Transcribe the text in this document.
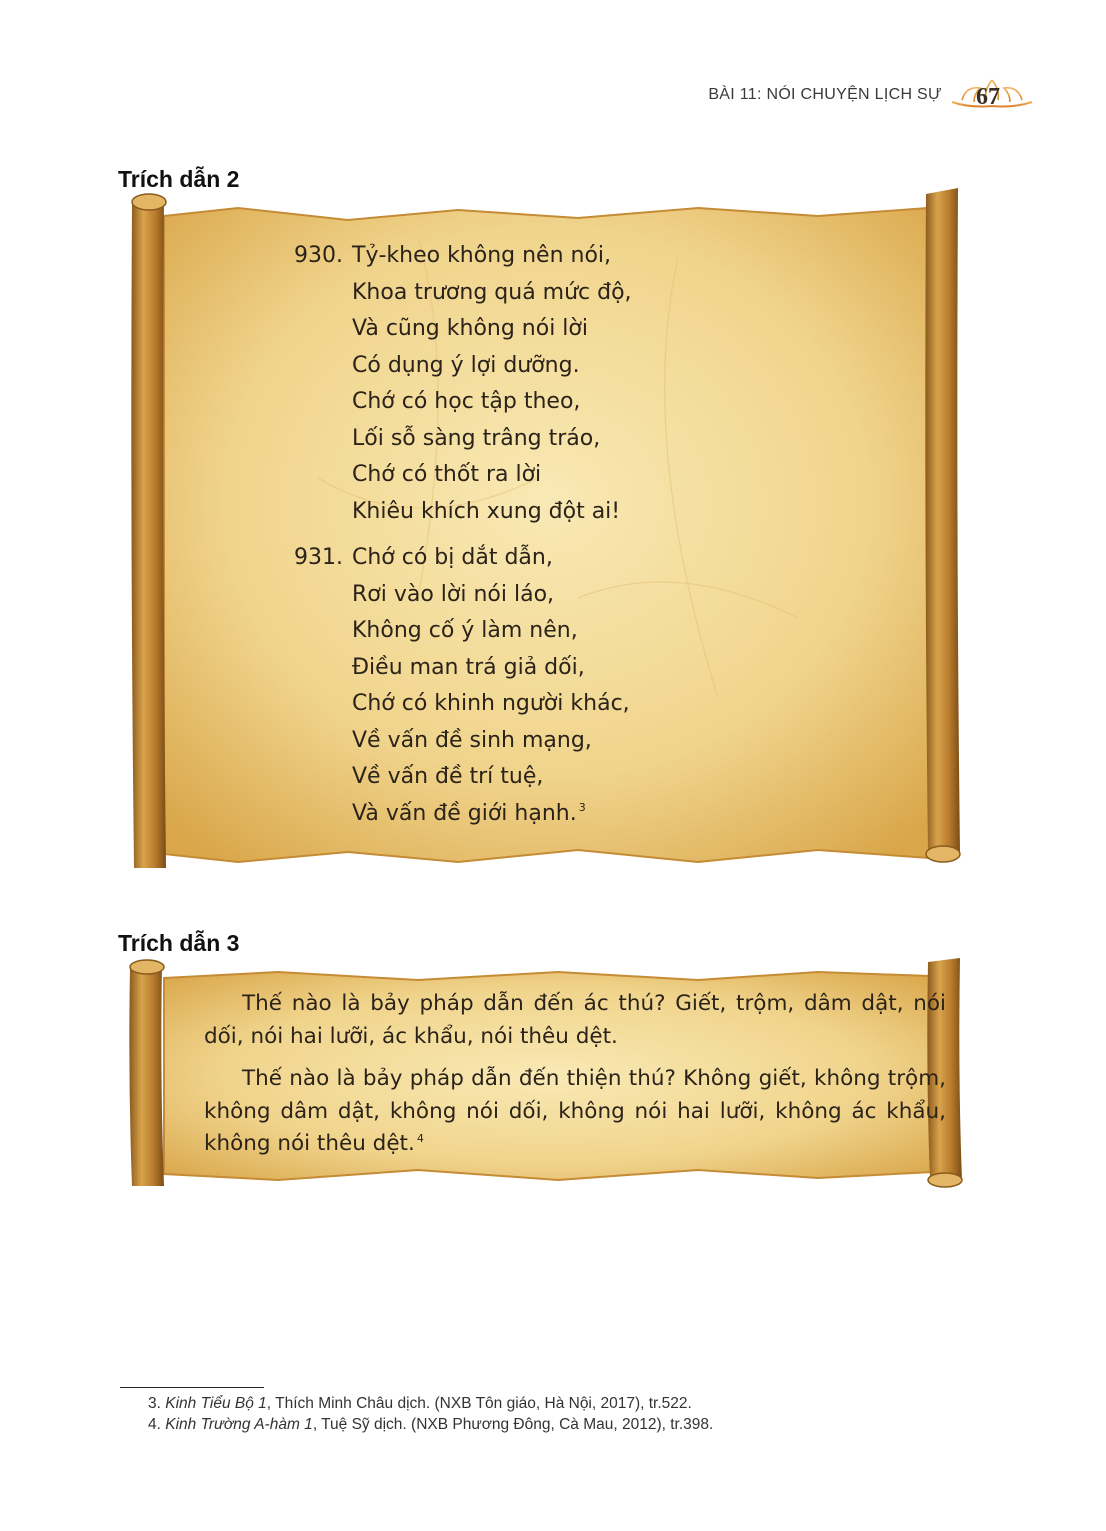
BÀI 11: NÓI CHUYỆN LỊCH SỰ 67
Trích dẫn 2
930. Tỷ-kheo không nên nói,
Khoa trương quá mức độ,
Và cũng không nói lời
Có dụng ý lợi dưỡng.
Chớ có học tập theo,
Lối sỗ sàng trâng tráo,
Chớ có thốt ra lời
Khiêu khích xung đột ai!
931. Chớ có bị dắt dẫn,
Rơi vào lời nói láo,
Không cố ý làm nên,
Điều man trá giả dối,
Chớ có khinh người khác,
Về vấn đề sinh mạng,
Về vấn đề trí tuệ,
Và vấn đề giới hạnh. $^3$
Trích dẫn 3

Thế nào là bảy pháp dẫn đến ác thú? Giết, trộm, dâm dật, nói dối, nói hai lưỡi, ác khẩu, nói thêu dệt.

Thế nào là bảy pháp dẫn đến thiện thú? Không giết, không trộm, không dâm dật, không nói dối, không nói hai lưỡi, không ác khẩu, không nói thêu dệt. $^4$

3. Kinh Tiểu Bộ 1, Thích Minh Châu dịch. (NXB Tôn giáo, Hà Nội, 2017), tr.522.
4. Kinh Trường A-hàm 1, Tuệ Sỹ dịch. (NXB Phương Đông, Cà Mau, 2012), tr.398.
